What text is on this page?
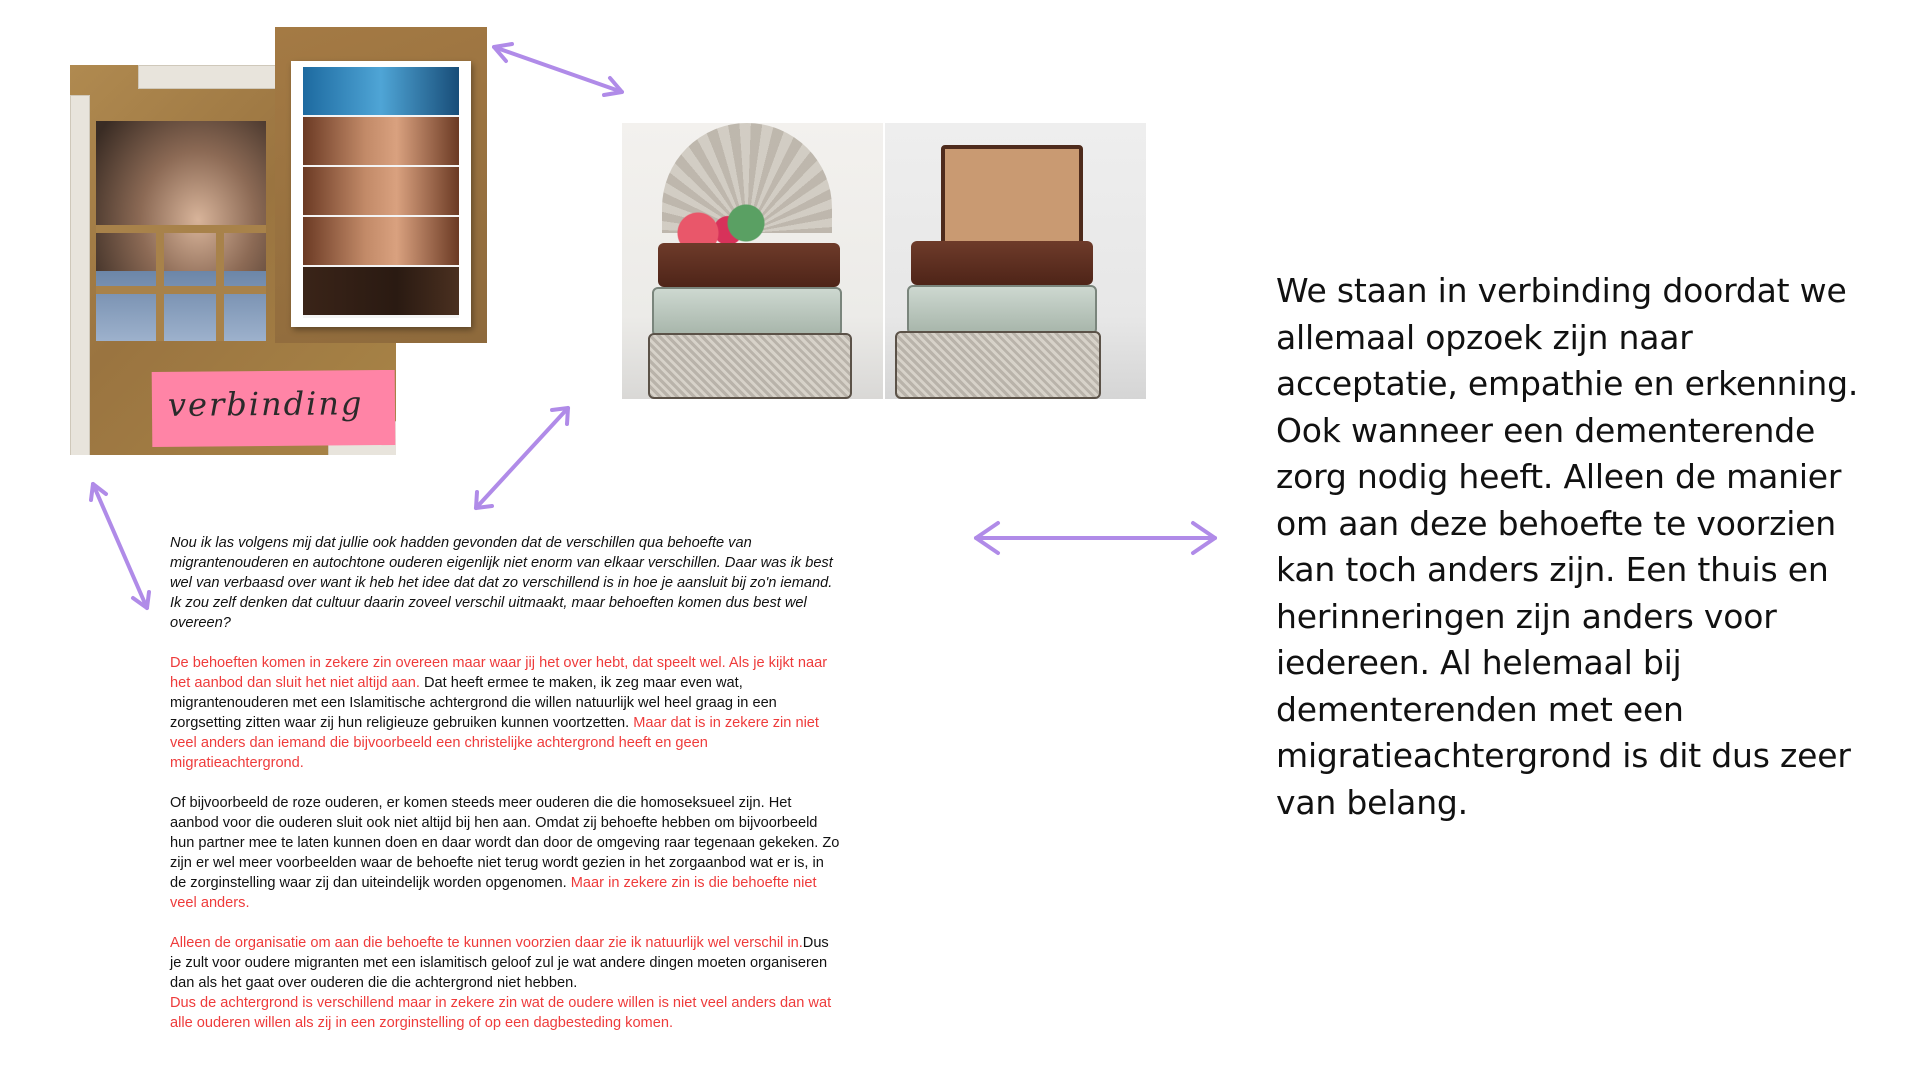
verbinding

Nou ik las volgens mij dat jullie ook hadden gevonden dat de verschillen qua behoefte van migrantenouderen en autochtone ouderen eigenlijk niet enorm van elkaar verschillen. Daar was ik best wel van verbaasd over want ik heb het idee dat dat zo verschillend is in hoe je aansluit bij zo'n iemand. Ik zou zelf denken dat cultuur daarin zoveel verschil uitmaakt, maar behoeften komen dus best wel overeen?

De behoeften komen in zekere zin overeen maar waar jij het over hebt, dat speelt wel. Als je kijkt naar het aanbod dan sluit het niet altijd aan. Dat heeft ermee te maken, ik zeg maar even wat, migrantenouderen met een Islamitische achtergrond die willen natuurlijk wel heel graag in een zorgsetting zitten waar zij hun religieuze gebruiken kunnen voortzetten. Maar dat is in zekere zin niet veel anders dan iemand die bijvoorbeeld een christelijke achtergrond heeft en geen migratieachtergrond.

Of bijvoorbeeld de roze ouderen, er komen steeds meer ouderen die die homoseksueel zijn. Het aanbod voor die ouderen sluit ook niet altijd bij hen aan. Omdat zij behoefte hebben om bijvoorbeeld hun partner mee te laten kunnen doen en daar wordt dan door de omgeving raar tegenaan gekeken. Zo zijn er wel meer voorbeelden waar de behoefte niet terug wordt gezien in het zorgaanbod wat er is, in de zorginstelling waar zij dan uiteindelijk worden opgenomen. Maar in zekere zin is die behoefte niet veel anders.

Alleen de organisatie om aan die behoefte te kunnen voorzien daar zie ik natuurlijk wel verschil in.Dus je zult voor oudere migranten met een islamitisch geloof zul je wat andere dingen moeten organiseren dan als het gaat over ouderen die die achtergrond niet hebben.
Dus de achtergrond is verschillend maar in zekere zin wat de oudere willen is niet veel anders dan wat alle ouderen willen als zij in een zorginstelling of op een dagbesteding komen.

We staan in verbinding doordat we allemaal opzoek zijn naar acceptatie, empathie en erkenning. Ook wanneer een dementerende zorg nodig heeft. Alleen de manier om aan deze behoefte te voorzien kan toch anders zijn. Een thuis en herinneringen zijn anders voor iedereen. Al helemaal bij dementerenden met een migratieachtergrond is dit dus zeer van belang.
